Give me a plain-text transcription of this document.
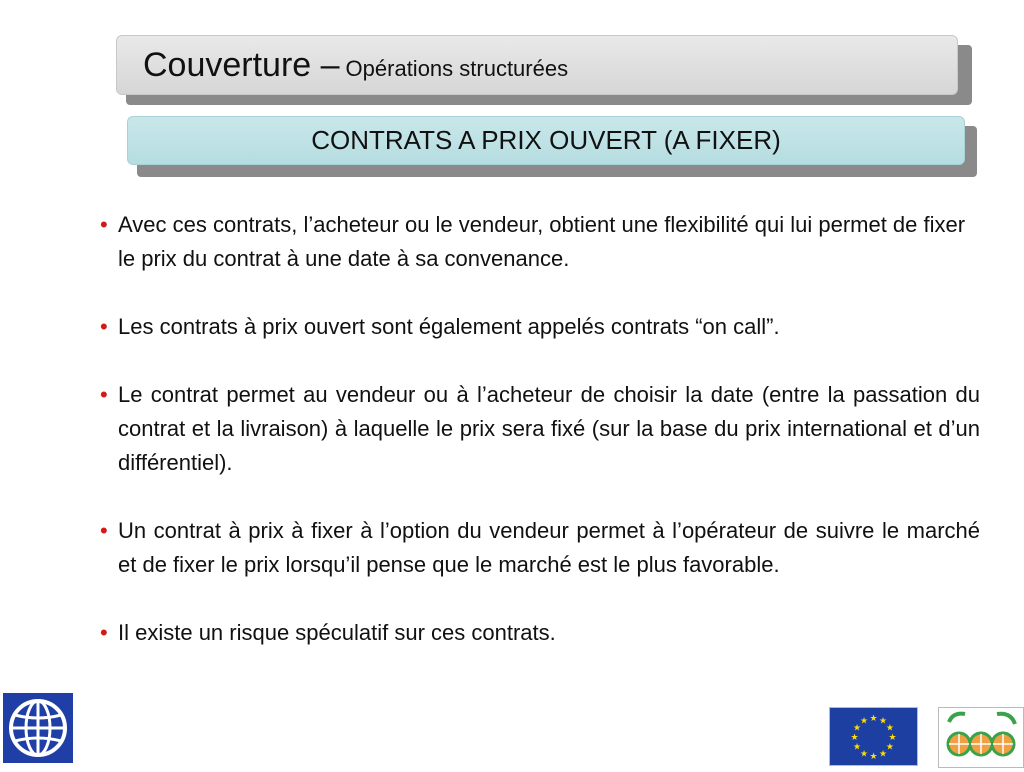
Couverture – Opérations structurées
CONTRATS A PRIX OUVERT (A FIXER)
• Avec ces contrats, l’acheteur ou le vendeur, obtient une flexibilité qui lui permet de fixer le prix du contrat à une date à sa convenance.
• Les contrats à prix ouvert sont également appelés contrats “on call”.
• Le contrat permet au vendeur ou à l’acheteur de choisir la date (entre la passation du contrat et la livraison) à laquelle le prix sera fixé (sur la base du prix international et d’un différentiel).
• Un contrat à prix à fixer à l’option du vendeur permet à l’opérateur de suivre le marché et de fixer le prix lorsqu’il pense que le marché est le plus favorable.
• Il existe un risque spéculatif sur ces contrats.
★
★
★
★
★
★
★
★
★ ★ ★
★
